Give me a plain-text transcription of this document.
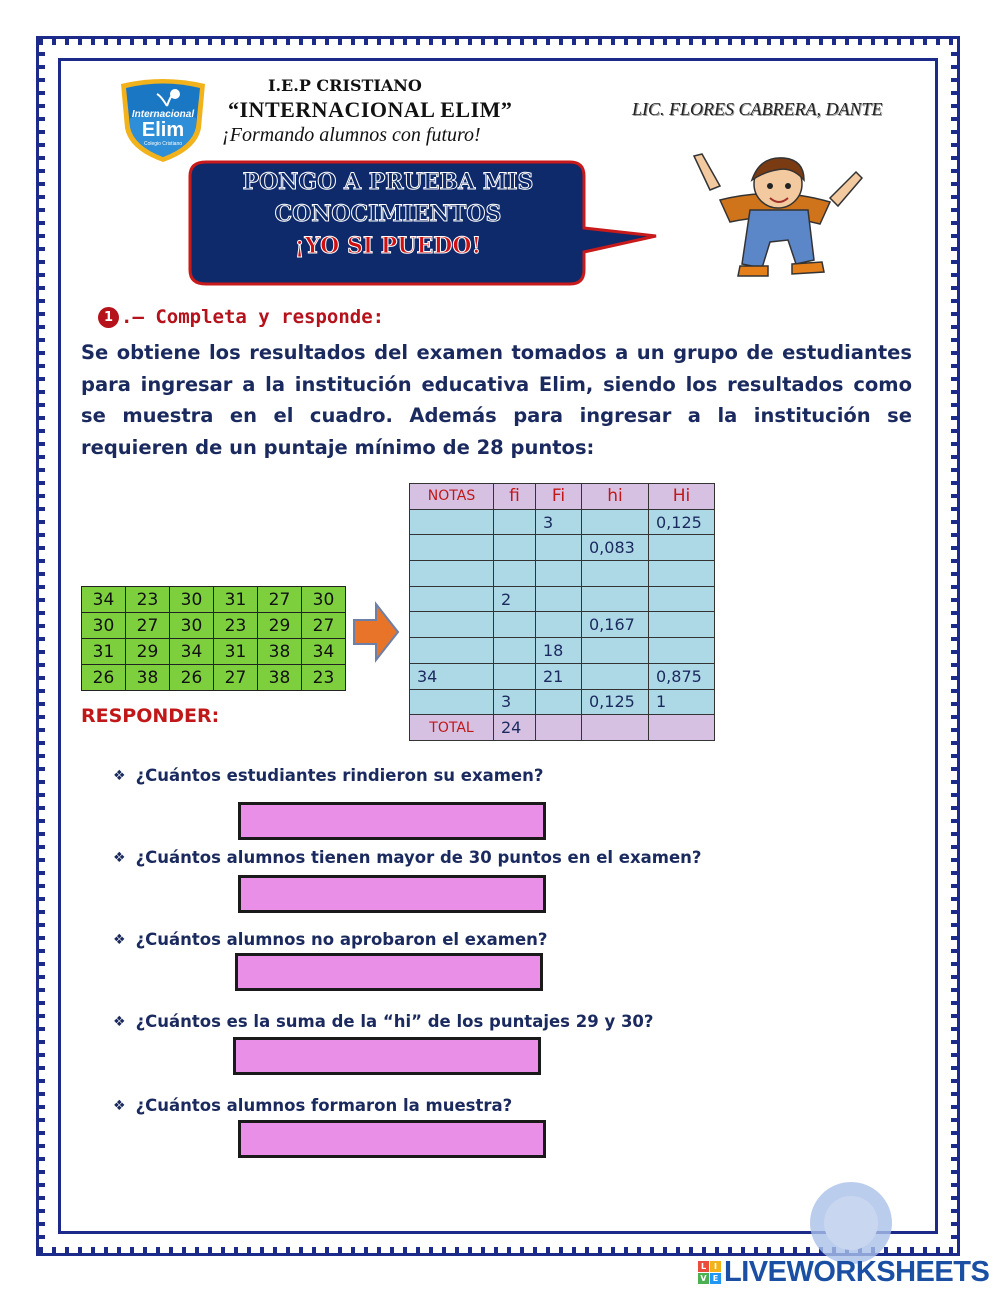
Internacional
Elim
Colegio Cristiano
I.E.P CRISTIANO
“INTERNACIONAL ELIM”
¡Formando alumnos con futuro!
LIC. FLORES CABRERA, DANTE
PONGO A PRUEBA MIS
CONOCIMIENTOS
¡YO SI PUEDO!
1 .– Completa y responde:
Se obtiene los resultados del examen tomados a un grupo de estudiantes para ingresar a la institución educativa Elim, siendo los resultados como se muestra en el cuadro. Además para ingresar a la institución se requieren de un puntaje mínimo de 28 puntos:
34	23	30	31	27	30
30	27	30	23	29	27
31	29	34	31	38	34
26	38	26	27	38	23
NOTAS	fi	Fi	hi	Hi
		3		0,125
			0,083	

	2			
			0,167	
		18		
34		21		0,875
	3		0,125	1
TOTAL	24			
RESPONDER:
❖ ¿Cuántos estudiantes rindieron su examen?
❖ ¿Cuántos alumnos tienen mayor de 30 puntos en el examen?
❖ ¿Cuántos alumnos no aprobaron el examen?
❖ ¿Cuántos es la suma de la “hi” de los puntajes 29 y 30?
❖ ¿Cuántos alumnos formaron la muestra?
L I
V E LIVEWORKSHEETS
